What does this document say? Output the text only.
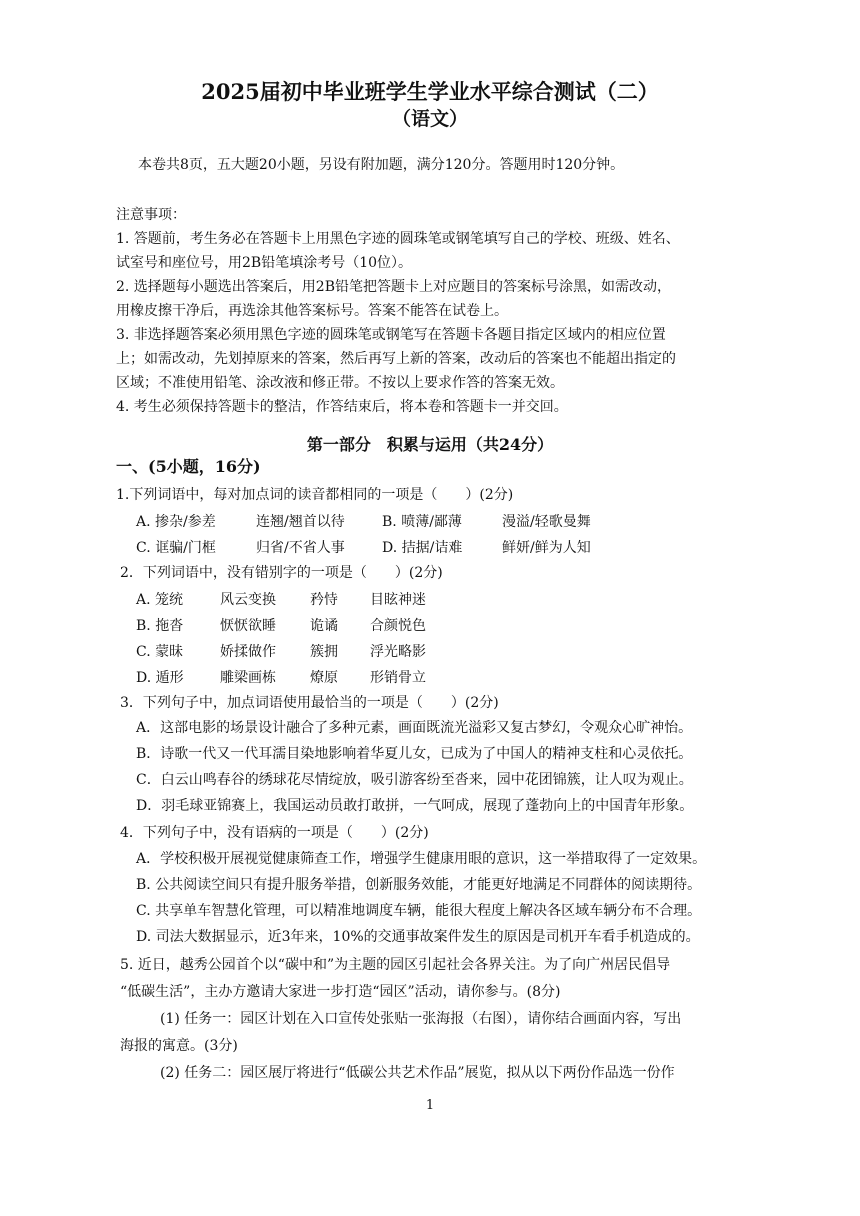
2025届初中毕业班学生学业水平综合测试（二）
（语文）
本卷共8页，五大题20小题，另设有附加题，满分120分。答题用时120分钟。
注意事项：
1. 答题前，考生务必在答题卡上用黑色字迹的圆珠笔或钢笔填写自己的学校、班级、姓名、
试室号和座位号，用2B铅笔填涂考号（10位）。
2. 选择题每小题选出答案后，用2B铅笔把答题卡上对应题目的答案标号涂黑，如需改动，
用橡皮擦干净后，再选涂其他答案标号。答案不能答在试卷上。
3. 非选择题答案必须用黑色字迹的圆珠笔或钢笔写在答题卡各题目指定区域内的相应位置
上；如需改动，先划掉原来的答案，然后再写上新的答案，改动后的答案也不能超出指定的
区域；不准使用铅笔、涂改液和修正带。不按以上要求作答的答案无效。
4. 考生必须保持答题卡的整洁，作答结束后，将本卷和答题卡一并交回。
第一部分　积累与运用（共24分）
一、(5小题，16分)
1.下列词语中，每对加点词的读音都相同的一项是（　　）(2分)
A. 掺杂/参差	连翘/翘首以待	B. 喷薄/鄙薄	漫溢/轻歌曼舞
C. 诓骗/门框	归省/不省人事	D. 拮据/诘难	鲜妍/鲜为人知
2．下列词语中，没有错别字的一项是（　　）(2分)
A. 笼统	风云变换 矜恃 目眩神迷
B. 拖沓	恹恹欲睡 诡谲 合颜悦色
C. 蒙昧	娇揉做作 簇拥 浮光略影
D. 遁形	雕梁画栋 燎原 形销骨立
3．下列句子中，加点词语使用最恰当的一项是（　　）(2分)
A．这部电影的场景设计融合了多种元素，画面既流光溢彩又复古梦幻，令观众心旷神怡。
B．诗歌一代又一代耳濡目染地影响着华夏儿女，已成为了中国人的精神支柱和心灵依托。
C．白云山鸣春谷的绣球花尽情绽放，吸引游客纷至沓来，园中花团锦簇，让人叹为观止。
D．羽毛球亚锦赛上，我国运动员敢打敢拼，一气呵成，展现了蓬勃向上的中国青年形象。
4．下列句子中，没有语病的一项是（　　）(2分)
A．学校积极开展视觉健康筛查工作，增强学生健康用眼的意识，这一举措取得了一定效果。
B. 公共阅读空间只有提升服务举措，创新服务效能，才能更好地满足不同群体的阅读期待。
C. 共享单车智慧化管理，可以精准地调度车辆，能很大程度上解决各区域车辆分布不合理。
D. 司法大数据显示，近3年来，10%的交通事故案件发生的原因是司机开车看手机造成的。
5. 近日，越秀公园首个以“碳中和”为主题的园区引起社会各界关注。为了向广州居民倡导
“低碳生活”，主办方邀请大家进一步打造“园区”活动，请你参与。(8分)
(1) 任务一：园区计划在入口宣传处张贴一张海报（右图），请你结合画面内容，写出
海报的寓意。(3分)
(2) 任务二：园区展厅将进行“低碳公共艺术作品”展览，拟从以下两份作品选一份作
1
